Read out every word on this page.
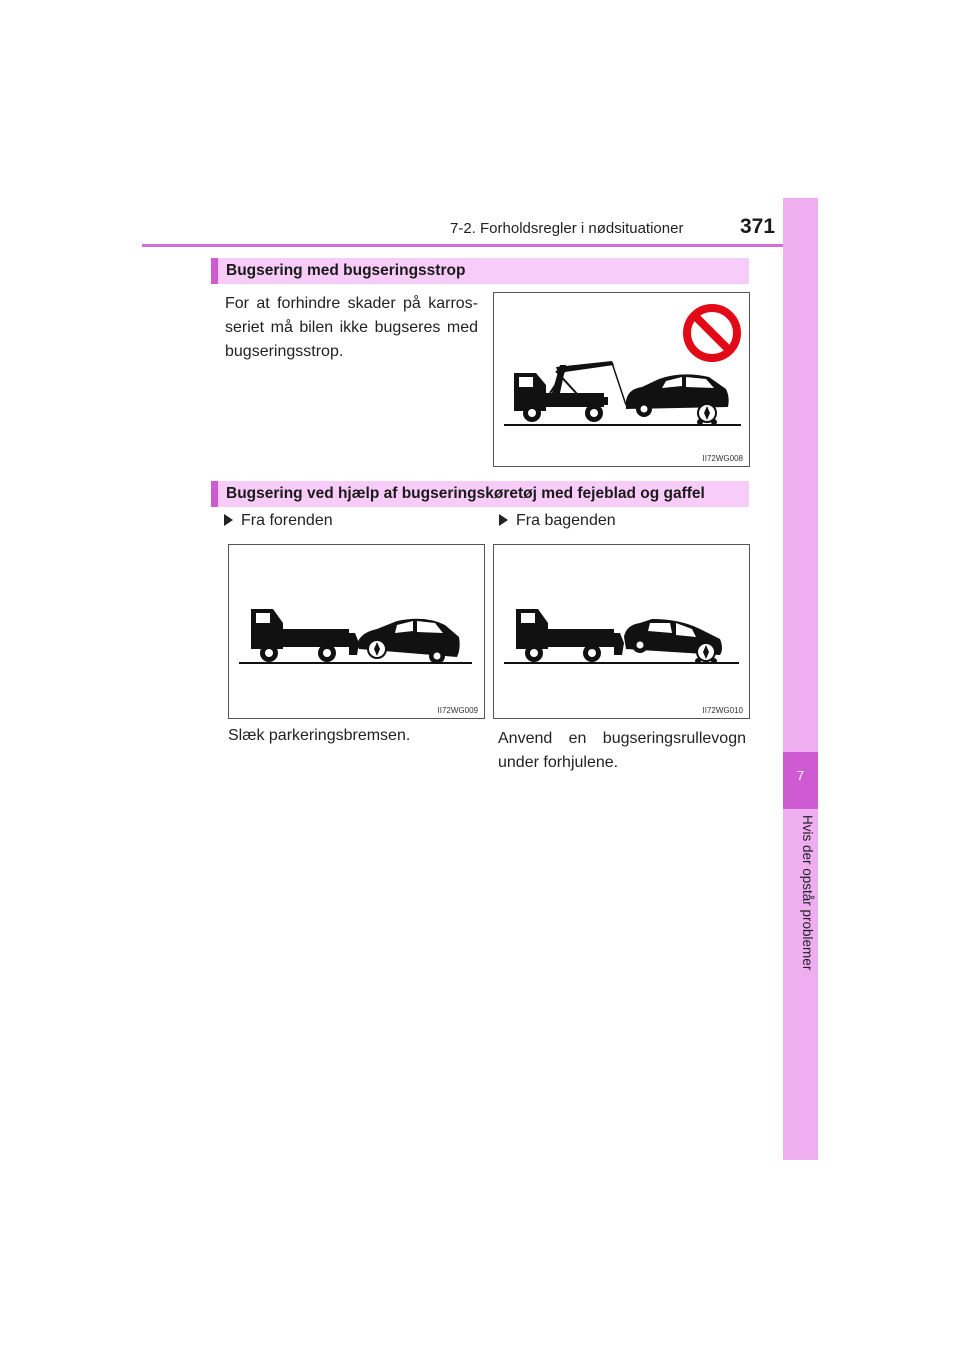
7-2. Forholdsregler i nødsituationer	371
7
Hvis der opstår problemer
Bugsering med bugseringsstrop
For at forhindre skader på karros-seriet må bilen ikke bugseres med bugseringsstrop.
II72WG008
Bugsering ved hjælp af bugseringskøretøj med fejeblad og gaffel
Fra forenden	Fra bagenden
II72WG009	II72WG010
Slæk parkeringsbremsen.	Anvend en bugseringsrullevogn under forhjulene.
